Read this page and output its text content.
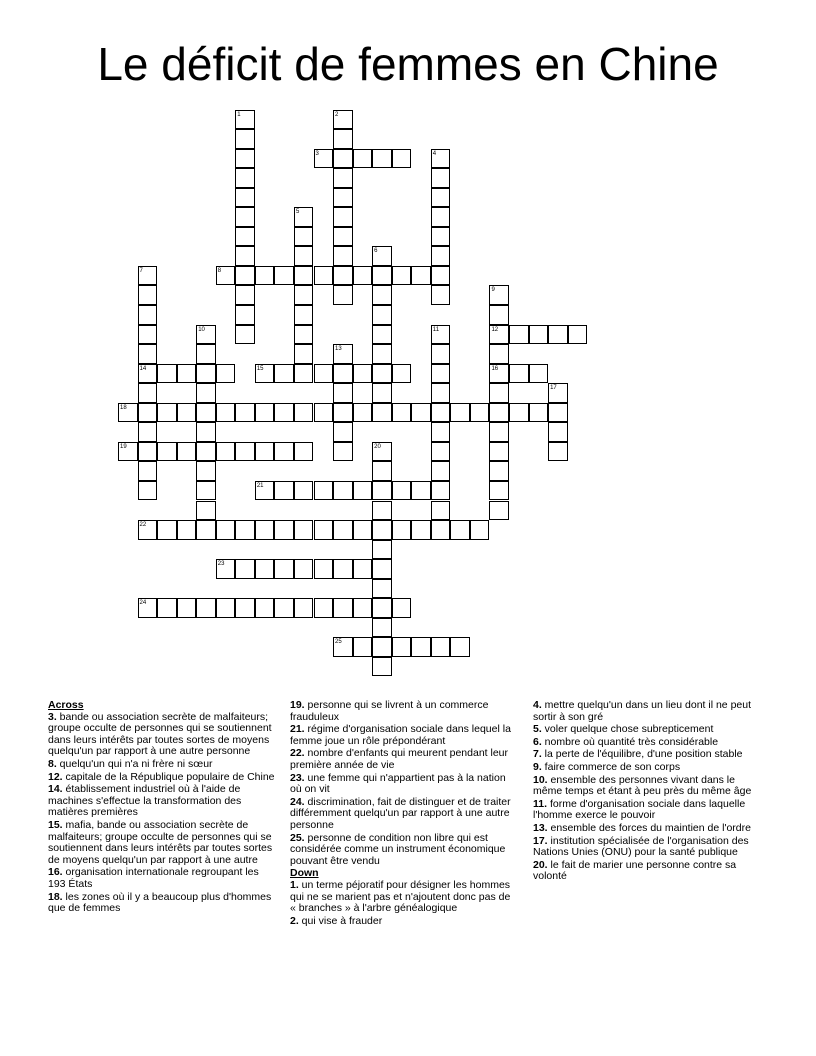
Le déficit de femmes en Chine
1	2
3	4
5
6
7
14
8
9
12
16
10	11
13
15
17
18
19	20
21
22
23
24
25
Across
3. bande ou association secrète de malfaiteurs; groupe occulte de personnes qui se soutiennent dans leurs intérêts par toutes sortes de moyens quelqu'un par rapport à une autre personne
8. quelqu'un qui n'a ni frère ni sœur
12. capitale de la République populaire de Chine
14. établissement industriel où à l'aide de machines s'effectue la transformation des matières premières
15. mafia, bande ou association secrète de malfaiteurs; groupe occulte de personnes qui se soutiennent dans leurs intérêts par toutes sortes de moyens quelqu'un par rapport à une autre
16. organisation internationale regroupant les 193 États
18. les zones où il y a beaucoup plus d'hommes que de femmes
19. personne qui se livrent à un commerce frauduleux
21. régime d'organisation sociale dans lequel la femme joue un rôle prépondérant
22. nombre d'enfants qui meurent pendant leur première année de vie
23. une femme qui n'appartient pas à la nation où on vit
24. discrimination, fait de distinguer et de traiter différemment quelqu'un par rapport à une autre personne
25. personne de condition non libre qui est considérée comme un instrument économique pouvant être vendu
Down
1. un terme péjoratif pour désigner les hommes qui ne se marient pas et n'ajoutent donc pas de « branches » à l'arbre généalogique
2. qui vise à frauder
4. mettre quelqu'un dans un lieu dont il ne peut sortir à son gré
5. voler quelque chose subrepticement
6. nombre où quantité très considérable
7. la perte de l'équilibre, d'une position stable
9. faire commerce de son corps
10. ensemble des personnes vivant dans le même temps et étant à peu près du même âge
11. forme d'organisation sociale dans laquelle l'homme exerce le pouvoir
13. ensemble des forces du maintien de l'ordre
17. institution spécialisée de l'organisation des Nations Unies (ONU) pour la santé publique
20. le fait de marier une personne contre sa volonté
